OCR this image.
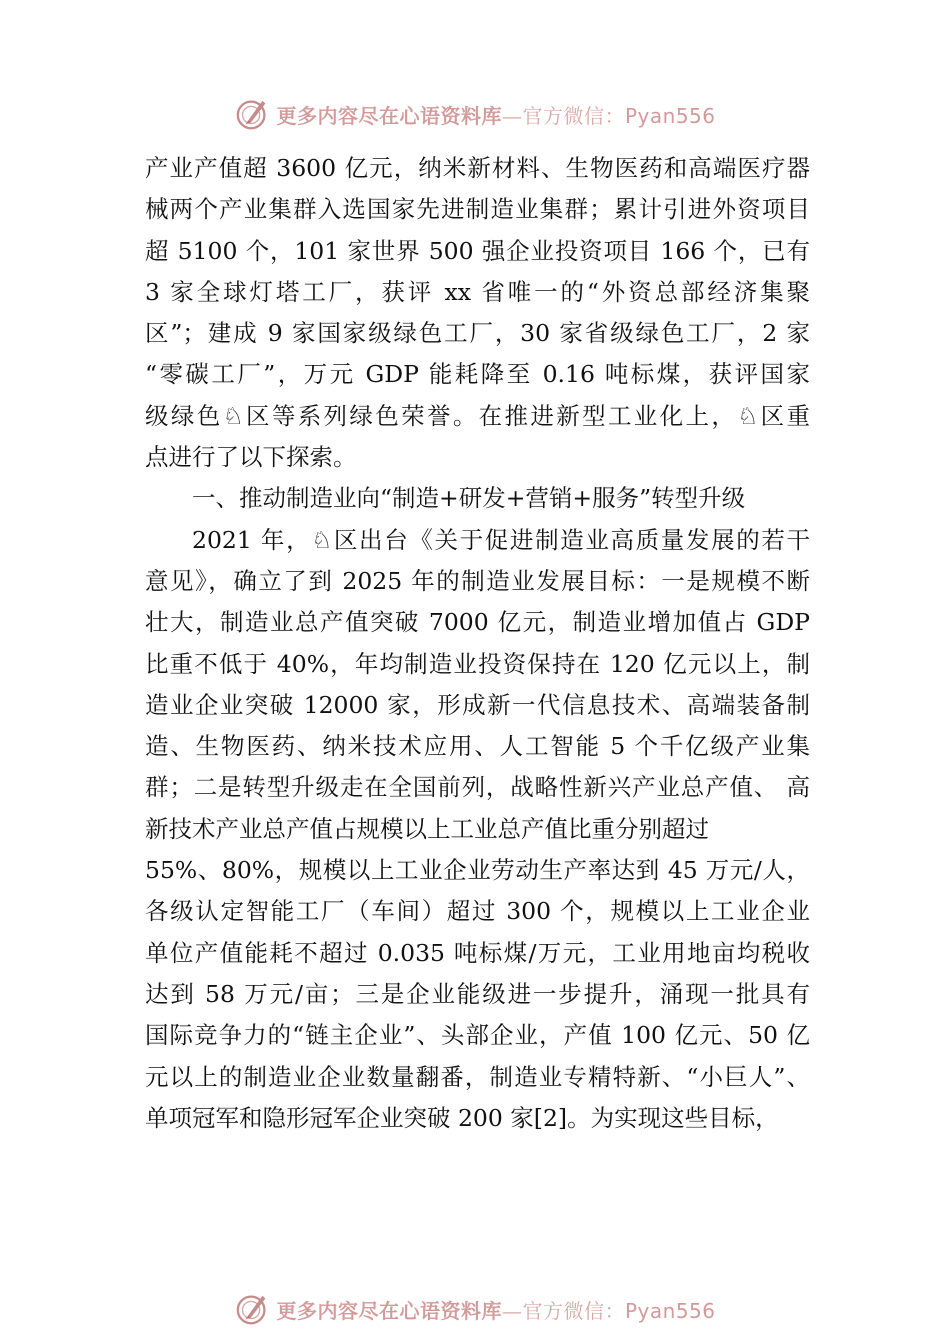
更多内容尽在心语资料库—官方微信：Pyan556
产业产值超 3600 亿元，纳米新材料、生物医药和高端医疗器
械两个产业集群入选国家先进制造业集群；累计引进外资项目
超 5100 个，101 家世界 500 强企业投资项目 166 个，已有
3 家全球灯塔工厂，获评 xx 省唯一的“外资总部经济集聚
区”；建成 9 家国家级绿色工厂，30 家省级绿色工厂，2 家
“零碳工厂”，万元 GDP 能耗降至 0.16 吨标煤，获评国家
级绿色♘区等系列绿色荣誉。在推进新型工业化上，♘区重
点进行了以下探索。
一、推动制造业向“制造+研发+营销+服务”转型升级
2021 年，♘区出台《关于促进制造业高质量发展的若干
意见》，确立了到 2025 年的制造业发展目标：一是规模不断
壮大，制造业总产值突破 7000 亿元，制造业增加值占 GDP
比重不低于 40%，年均制造业投资保持在 120 亿元以上，制
造业企业突破 12000 家，形成新一代信息技术、高端装备制
造、生物医药、纳米技术应用、人工智能 5 个千亿级产业集
群；二是转型升级走在全国前列，战略性新兴产业总产值、 高
新技术产业总产值占规模以上工业总产值比重分别超过
55%、80%，规模以上工业企业劳动生产率达到 45 万元/人，
各级认定智能工厂（车间）超过 300 个，规模以上工业企业
单位产值能耗不超过 0.035 吨标煤/万元，工业用地亩均税收
达到 58 万元/亩；三是企业能级进一步提升，涌现一批具有
国际竞争力的“链主企业”、头部企业，产值 100 亿元、50 亿
元以上的制造业企业数量翻番，制造业专精特新、“小巨人”、
单项冠军和隐形冠军企业突破 200 家[2]。为实现这些目标，
更多内容尽在心语资料库—官方微信：Pyan556
